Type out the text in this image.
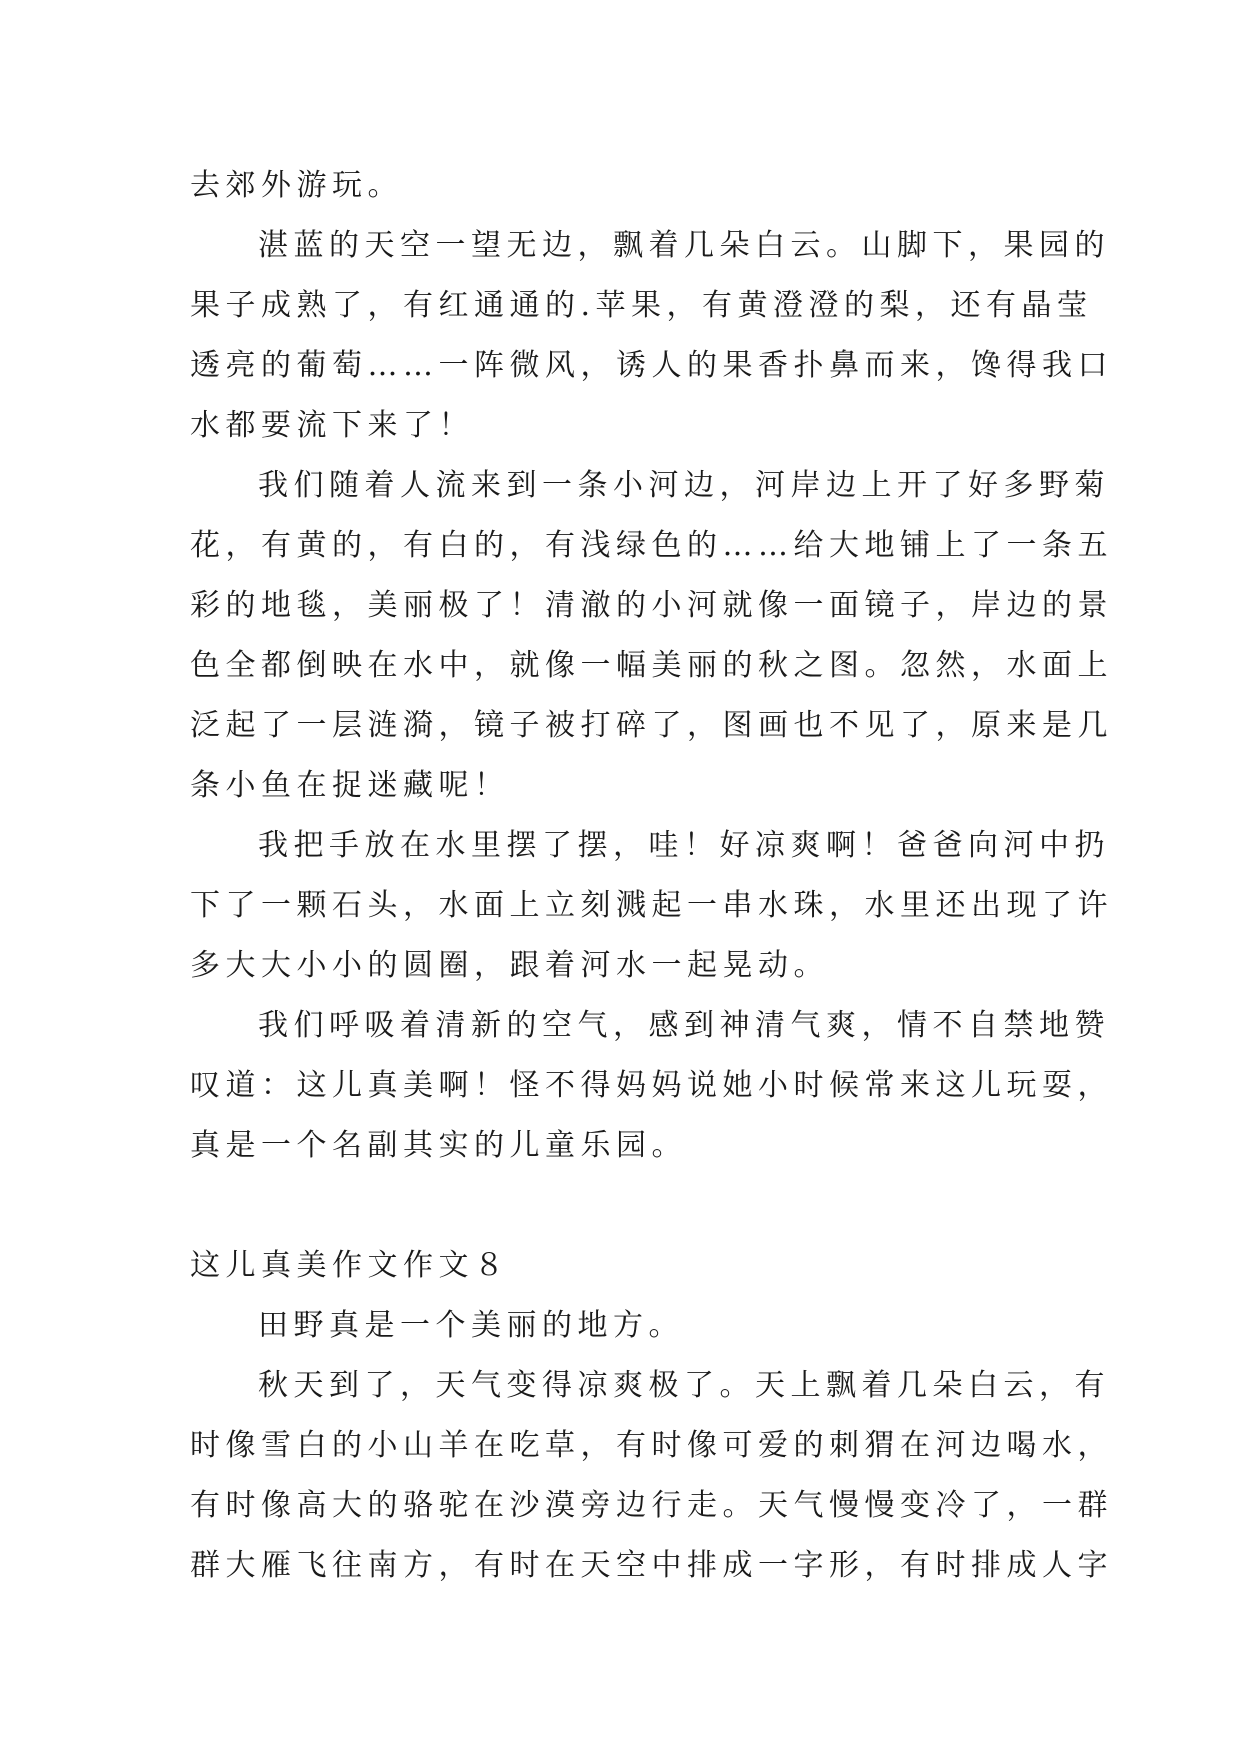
去郊外游玩。
湛蓝的天空一望无边，飘着几朵白云。山脚下，果园的
果子成熟了，有红通通的.苹果，有黄澄澄的梨，还有晶莹
透亮的葡萄……一阵微风，诱人的果香扑鼻而来，馋得我口
水都要流下来了！
我们随着人流来到一条小河边，河岸边上开了好多野菊
花，有黄的，有白的，有浅绿色的……给大地铺上了一条五
彩的地毯，美丽极了！清澈的小河就像一面镜子，岸边的景
色全都倒映在水中，就像一幅美丽的秋之图。忽然，水面上
泛起了一层涟漪，镜子被打碎了，图画也不见了，原来是几
条小鱼在捉迷藏呢！
我把手放在水里摆了摆，哇！好凉爽啊！爸爸向河中扔
下了一颗石头，水面上立刻溅起一串水珠，水里还出现了许
多大大小小的圆圈，跟着河水一起晃动。
我们呼吸着清新的空气，感到神清气爽，情不自禁地赞
叹道：这儿真美啊！怪不得妈妈说她小时候常来这儿玩耍，
真是一个名副其实的儿童乐园。
这儿真美作文作文８
田野真是一个美丽的地方。
秋天到了，天气变得凉爽极了。天上飘着几朵白云，有
时像雪白的小山羊在吃草，有时像可爱的刺猬在河边喝水，
有时像高大的骆驼在沙漠旁边行走。天气慢慢变冷了，一群
群大雁飞往南方，有时在天空中排成一字形，有时排成人字
